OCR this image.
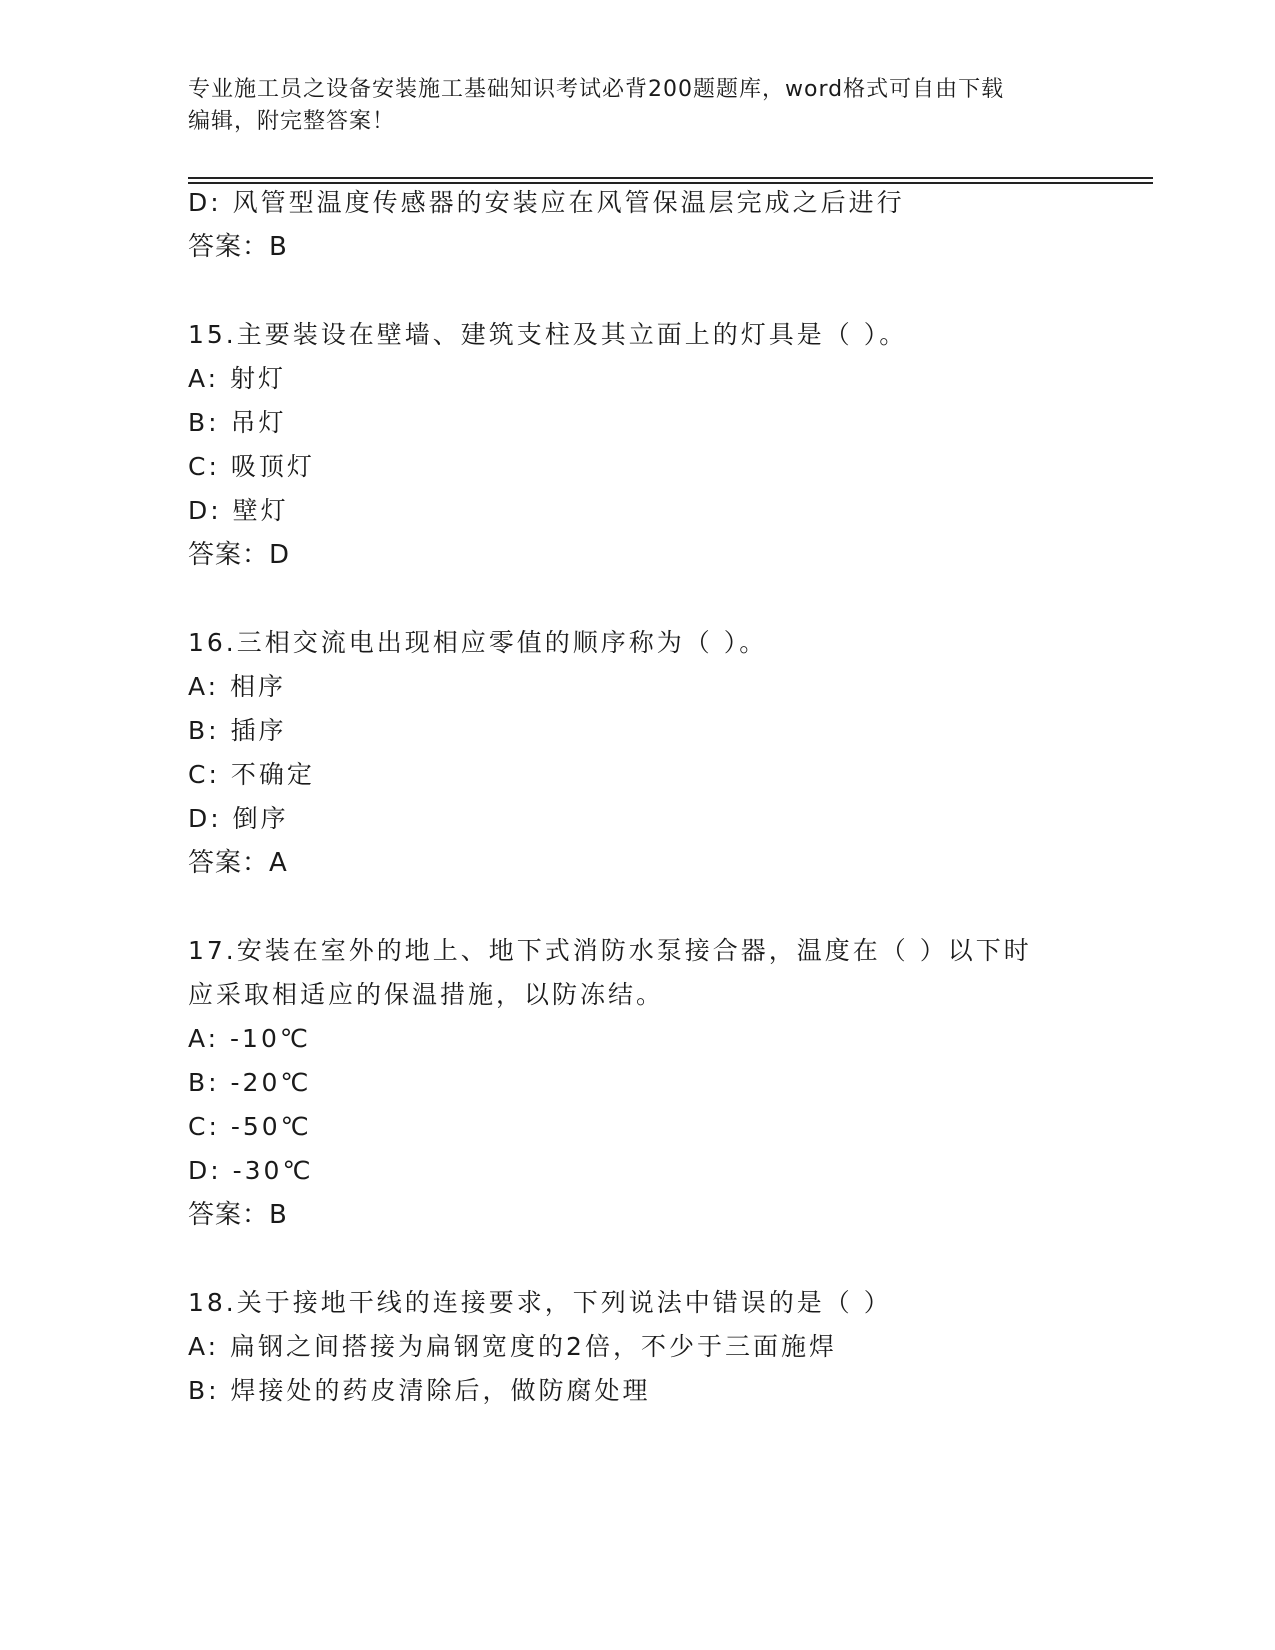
专业施工员之设备安装施工基础知识考试必背200题题库，word格式可自由下载
编辑，附完整答案！
D: 风管型温度传感器的安装应在风管保温层完成之后进行
答案：B
15.主要装设在壁墙、建筑支柱及其立面上的灯具是（ ）。
A: 射灯
B: 吊灯
C: 吸顶灯
D: 壁灯
答案：D
16.三相交流电出现相应零值的顺序称为（ ）。
A: 相序
B: 插序
C: 不确定
D: 倒序
答案：A
17.安装在室外的地上、地下式消防水泵接合器，温度在（ ）以下时
应采取相适应的保温措施，以防冻结。
A: -10℃
B: -20℃
C: -50℃
D: -30℃
答案：B
18.关于接地干线的连接要求，下列说法中错误的是（ ）
A: 扁钢之间搭接为扁钢宽度的2倍，不少于三面施焊
B: 焊接处的药皮清除后，做防腐处理
